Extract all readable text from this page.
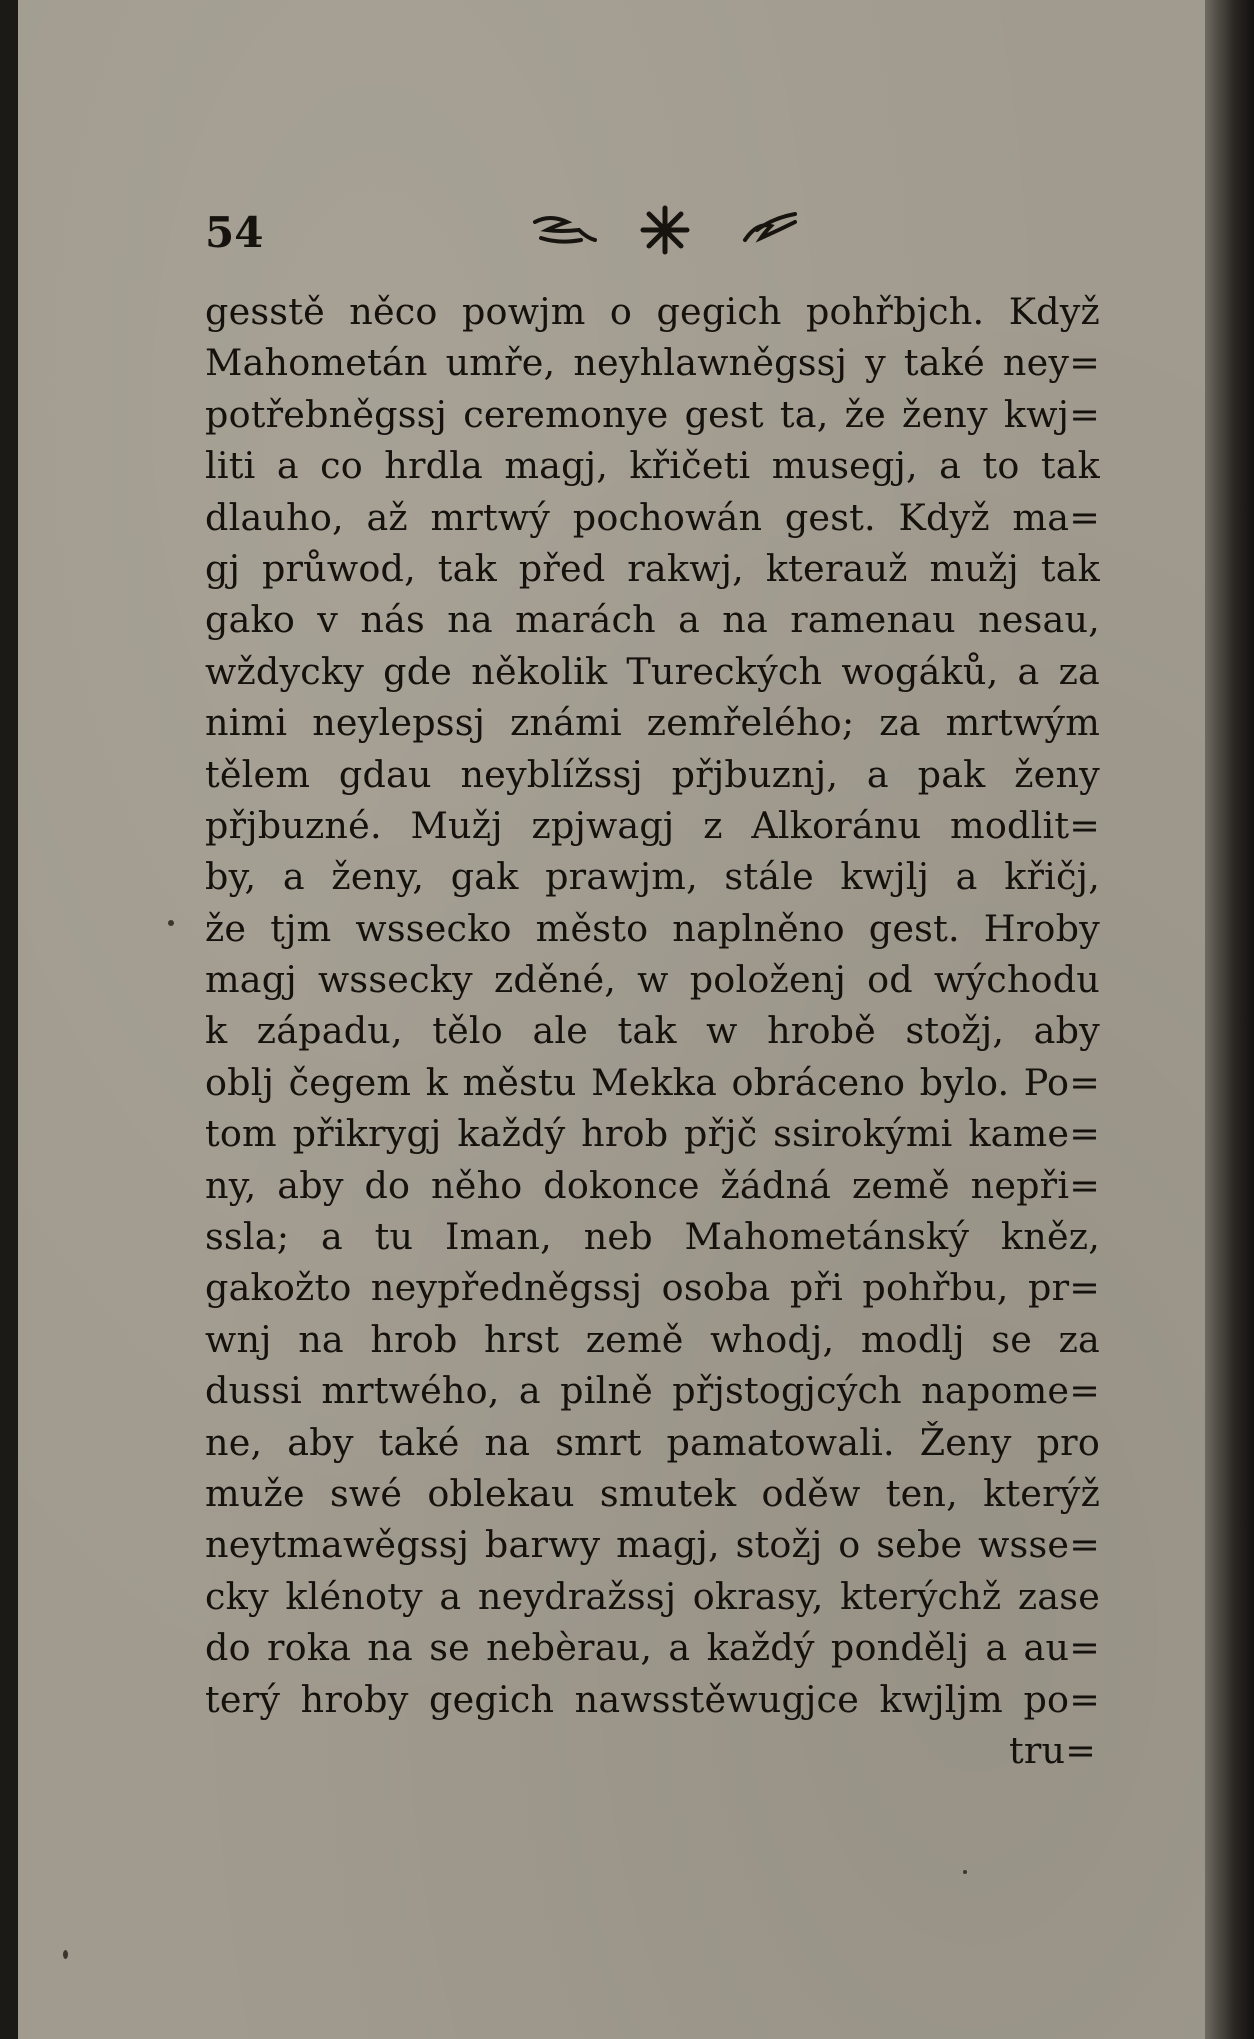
54
gesstě něco powjm o gegich pohřbjch. Když
Mahometán umře, neyhlawněgssj y také ney=
potřebněgssj ceremonye gest ta, že ženy kwj=
liti a co hrdla magj, křičeti musegj, a to tak
dlauho, až mrtwý pochowán gest. Když ma=
gj průwod, tak před rakwj, kterauž mužj tak
gako v nás na marách a na ramenau nesau,
wždycky gde několik Tureckých wogáků, a za
nimi neylepssj známi zemřelého; za mrtwým
tělem gdau neyblížssj přjbuznj, a pak ženy
přjbuzné. Mužj zpjwagj z Alkoránu modlit=
by, a ženy, gak prawjm, stále kwjlj a křičj,
že tjm wssecko město naplněno gest. Hroby
magj wssecky zděné, w položenj od wýchodu
k západu, tělo ale tak w hrobě stožj, aby
oblj čegem k městu Mekka obráceno bylo. Po=
tom přikrygj každý hrob přjč ssirokými kame=
ny, aby do něho dokonce žádná země nepři=
ssla; a tu Iman, neb Mahometánský kněz,
gakožto neypředněgssj osoba při pohřbu, pr=
wnj na hrob hrst země whodj, modlj se za
dussi mrtwého, a pilně přjstogjcých napome=
ne, aby také na smrt pamatowali. Ženy pro
muže swé oblekau smutek oděw ten, kterýž
neytmawěgssj barwy magj, stožj ο sebe wsse=
cky klénoty a neydražssj okrasy, kterýchž zase
do roka na se nebèrau, a každý pondělj a au=
terý hroby gegich nawsstěwugjce kwjljm po=
tru=
